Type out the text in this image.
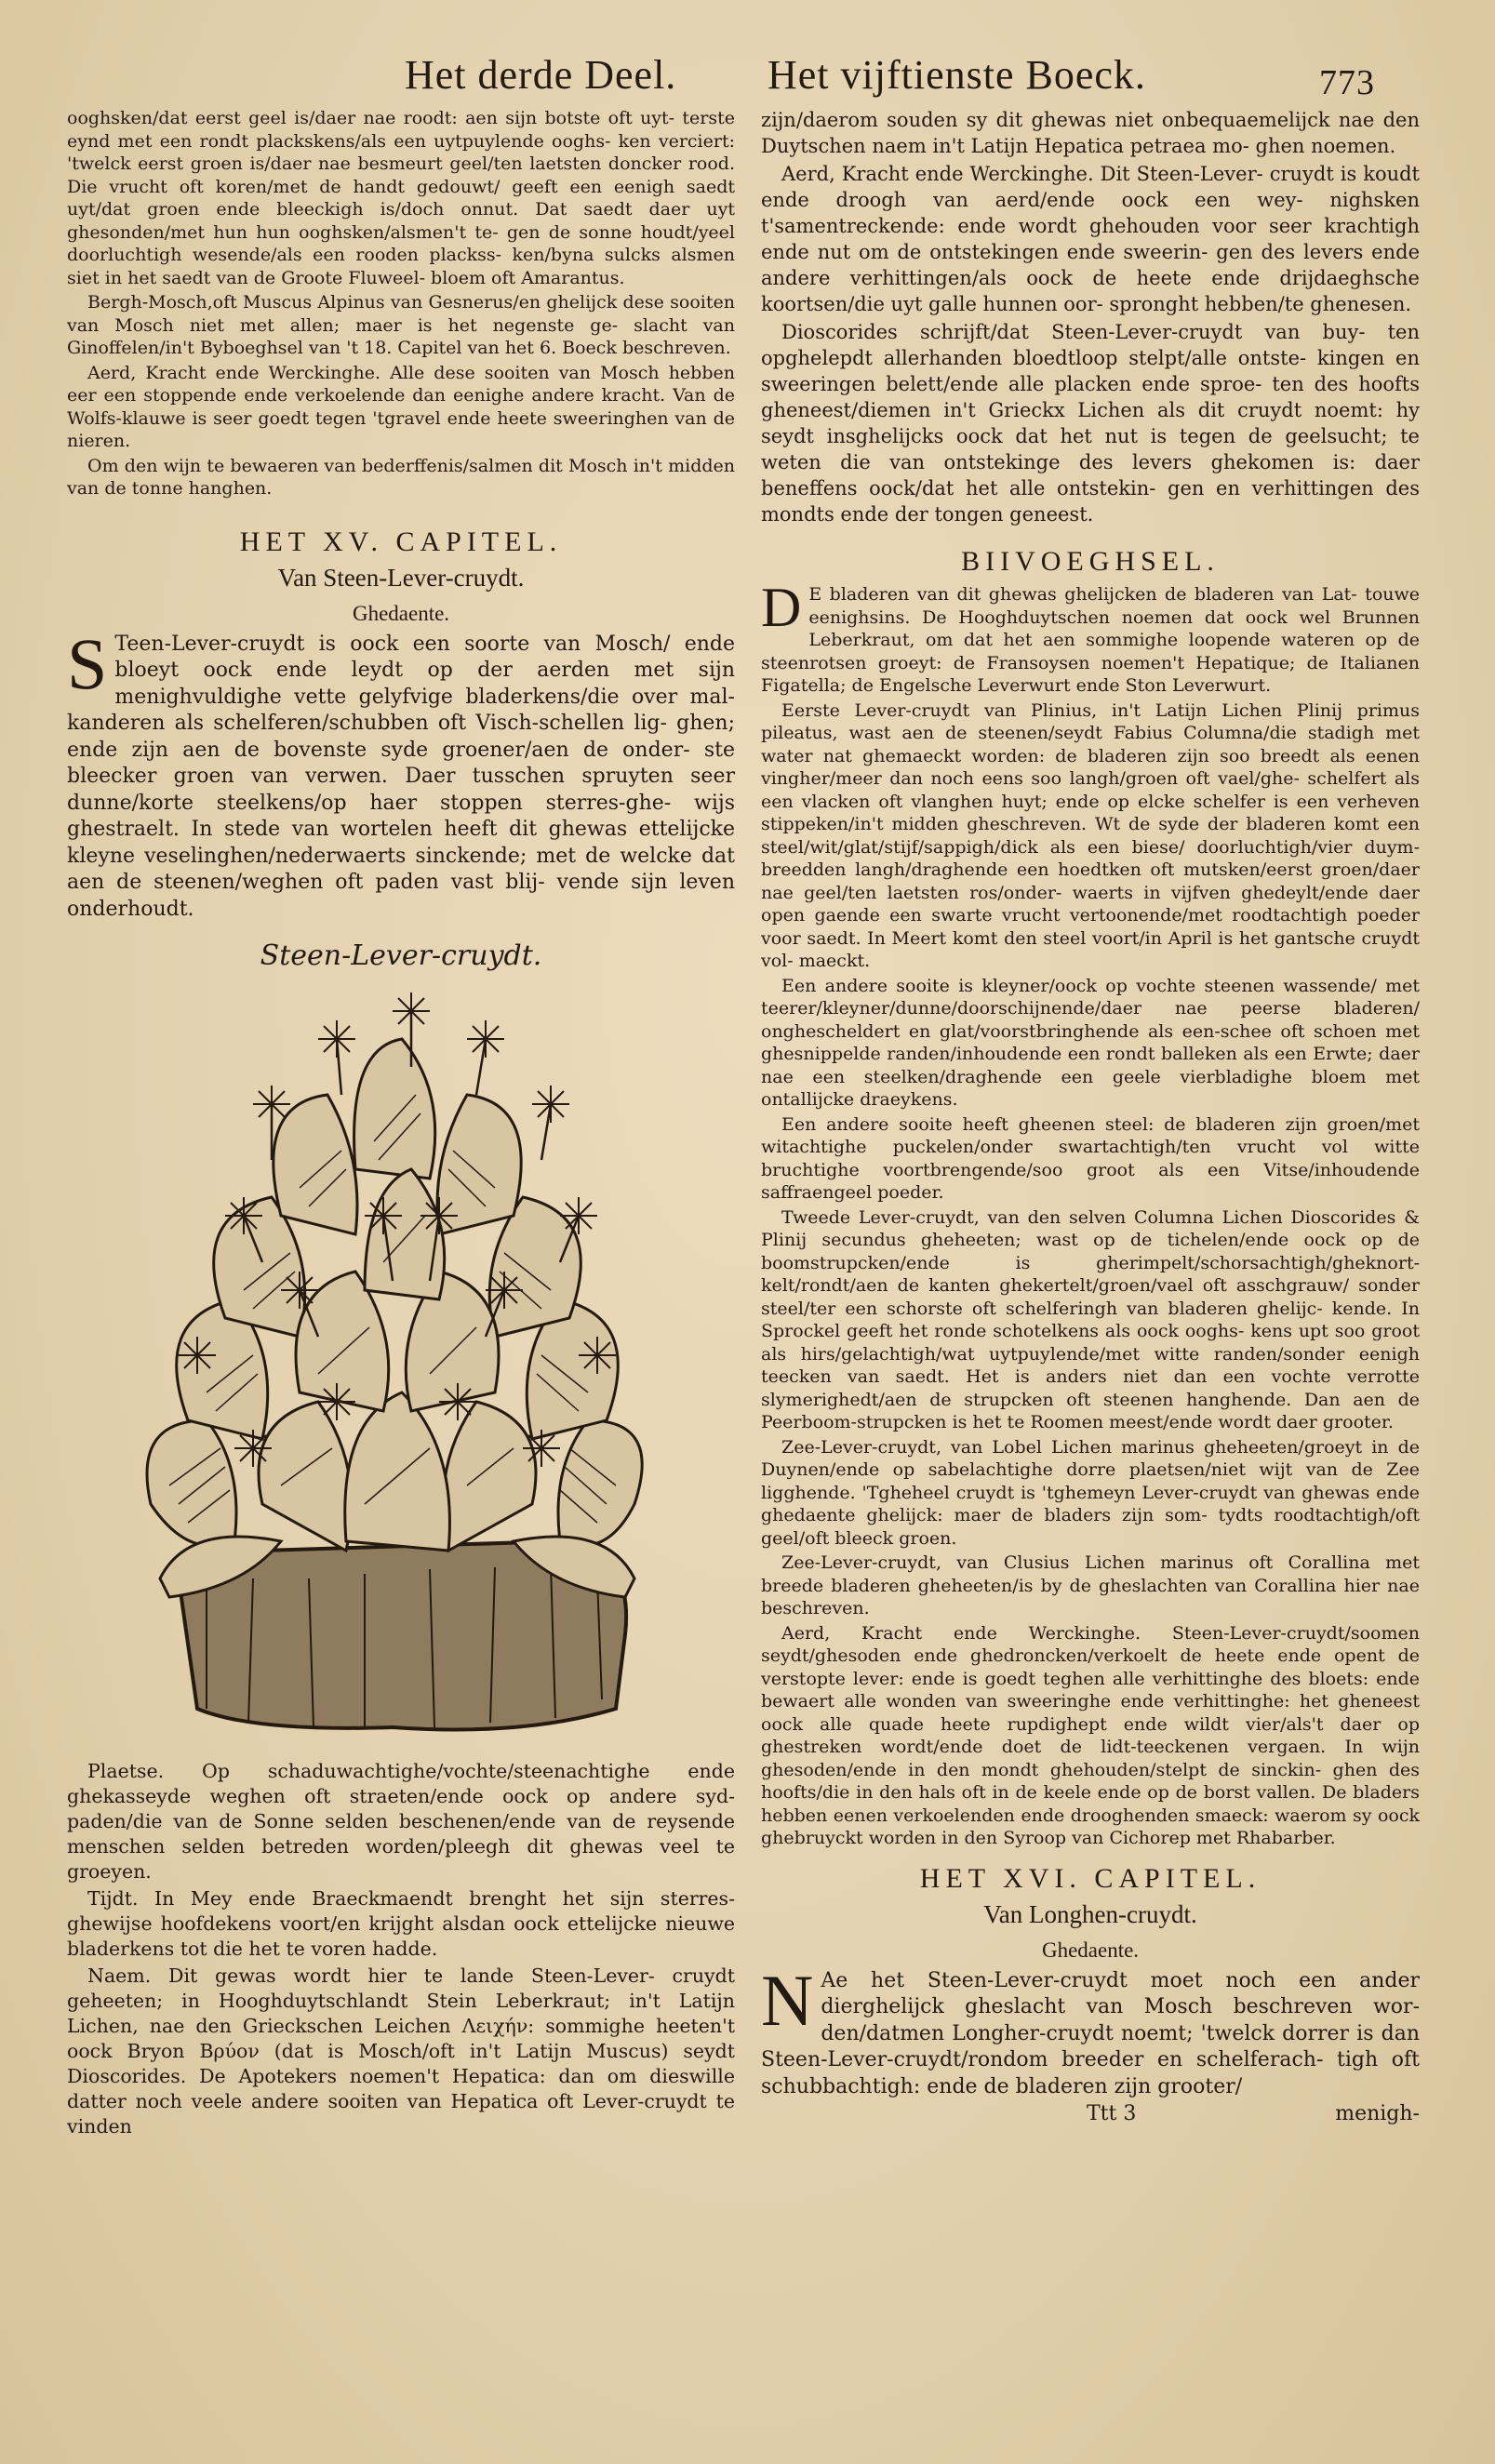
Het derde Deel. Het vijftienste Boeck.	773

ooghsken/dat eerst geel is/daer nae roodt: aen sijn botste oft uyt- terste eynd met een rondt plackskens/als een uytpuylende ooghs- ken verciert: 'twelck eerst groen is/daer nae besmeurt geel/ten laetsten doncker rood. Die vrucht oft koren/met de handt gedouwt/ geeft een eenigh saedt uyt/dat groen ende bleeckigh is/doch onnut. Dat saedt daer uyt ghesonden/met hun hun ooghsken/alsmen't te- gen de sonne houdt/yeel doorluchtigh wesende/als een rooden plackss- ken/byna sulcks alsmen siet in het saedt van de Groote Fluweel- bloem oft Amarantus.

Bergh-Mosch,oft Muscus Alpinus van Gesnerus/en ghelijck dese sooiten van Mosch niet met allen; maer is het negenste ge- slacht van Ginoffelen/in't Byboeghsel van 't 18. Capitel van het 6. Boeck beschreven.

Aerd, Kracht ende Werckinghe. Alle dese sooiten van Mosch hebben eer een stoppende ende verkoelende dan eenighe andere kracht. Van de Wolfs-klauwe is seer goedt tegen 'tgravel ende heete sweeringhen van de nieren.

Om den wijn te bewaeren van bederffenis/salmen dit Mosch in't midden van de tonne hanghen.

HET XV. CAPITEL.
Van Steen-Lever-cruydt.
Ghedaente.

S Teen-Lever-cruydt is oock een soorte van Mosch/ ende bloeyt oock ende leydt op der aerden met sijn menighvuldighe vette gelyfvige bladerkens/die over mal- kanderen als schelferen/schubben oft Visch-schellen lig- ghen; ende zijn aen de bovenste syde groener/aen de onder- ste bleecker groen van verwen. Daer tusschen spruyten seer dunne/korte steelkens/op haer stoppen sterres-ghe- wijs ghestraelt. In stede van wortelen heeft dit ghewas ettelijcke kleyne veselinghen/nederwaerts sinckende; met de welcke dat aen de steenen/weghen oft paden vast blij- vende sijn leven onderhoudt.

Steen-Lever-cruydt.

Plaetse. Op schaduwachtighe/vochte/steenachtighe ende ghekasseyde weghen oft straeten/ende oock op andere syd-paden/die van de Sonne selden beschenen/ende van de reysende menschen selden betreden worden/pleegh dit ghewas veel te groeyen.

Tijdt. In Mey ende Braeckmaendt brenght het sijn sterres-ghewijse hoofdekens voort/en krijght alsdan oock ettelijcke nieuwe bladerkens tot die het te voren hadde.

Naem. Dit gewas wordt hier te lande Steen-Lever- cruydt geheeten; in Hooghduytschlandt Stein Leberkraut; in't Latijn Lichen, nae den Grieckschen Leichen Λειχήν: sommighe heeten't oock Bryon Βρύον (dat is Mosch/oft in't Latijn Muscus) seydt Dioscorides. De Apotekers noemen't Hepatica: dan om dieswille datter noch veele andere sooiten van Hepatica oft Lever-cruydt te vinden

zijn/daerom souden sy dit ghewas niet onbequaemelijck nae den Duytschen naem in't Latijn Hepatica petraea mo- ghen noemen.

Aerd, Kracht ende Werckinghe. Dit Steen-Lever- cruydt is koudt ende droogh van aerd/ende oock een wey- nighsken t'samentreckende: ende wordt ghehouden voor seer krachtigh ende nut om de ontstekingen ende sweerin- gen des levers ende andere verhittingen/als oock de heete ende drijdaeghsche koortsen/die uyt galle hunnen oor- spronght hebben/te ghenesen.

Dioscorides schrijft/dat Steen-Lever-cruydt van buy- ten opghelepdt allerhanden bloedtloop stelpt/alle ontste- kingen en sweeringen belett/ende alle placken ende sproe- ten des hoofts gheneest/diemen in't Grieckx Lichen als dit cruydt noemt: hy seydt insghelijcks oock dat het nut is tegen de geelsucht; te weten die van ontstekinge des levers ghekomen is: daer beneffens oock/dat het alle ontstekin- gen en verhittingen des mondts ende der tongen geneest.

BIIVOEGHSEL.

D E bladeren van dit ghewas ghelijcken de bladeren van Lat- touwe eenighsins. De Hooghduytschen noemen dat oock wel Brunnen Leberkraut, om dat het aen sommighe loopende wateren op de steenrotsen groeyt: de Fransoysen noemen't Hepatique; de Italianen Figatella; de Engelsche Leverwurt ende Ston Leverwurt.

Eerste Lever-cruydt van Plinius, in't Latijn Lichen Plinij primus pileatus, wast aen de steenen/seydt Fabius Columna/die stadigh met water nat ghemaeckt worden: de bladeren zijn soo breedt als eenen vingher/meer dan noch eens soo langh/groen oft vael/ghe- schelfert als een vlacken oft vlanghen huyt; ende op elcke schelfer is een verheven stippeken/in't midden gheschreven. Wt de syde der bladeren komt een steel/wit/glat/stijf/sappigh/dick als een biese/ doorluchtigh/vier duym-breedden langh/draghende een hoedtken oft mutsken/eerst groen/daer nae geel/ten laetsten ros/onder- waerts in vijfven ghedeylt/ende daer open gaende een swarte vrucht vertoonende/met roodtachtigh poeder voor saedt. In Meert komt den steel voort/in April is het gantsche cruydt vol- maeckt.

Een andere sooite is kleyner/oock op vochte steenen wassende/ met teerer/kleyner/dunne/doorschijnende/daer nae peerse bladeren/ onghescheldert en glat/voorstbringhende als een-schee oft schoen met ghesnippelde randen/inhoudende een rondt balleken als een Erwte; daer nae een steelken/draghende een geele vierbladighe bloem met ontallijcke draeykens.

Een andere sooite heeft gheenen steel: de bladeren zijn groen/met witachtighe puckelen/onder swartachtigh/ten vrucht vol witte bruchtighe voortbrengende/soo groot als een Vitse/inhoudende saffraengeel poeder.

Tweede Lever-cruydt, van den selven Columna Lichen Dioscorides & Plinij secundus gheheeten; wast op de tichelen/ende oock op de boomstrupcken/ende is gherimpelt/schorsachtigh/gheknort- kelt/rondt/aen de kanten ghekertelt/groen/vael oft asschgrauw/ sonder steel/ter een schorste oft schelferingh van bladeren ghelijc- kende. In Sprockel geeft het ronde schotelkens als oock ooghs- kens upt soo groot als hirs/gelachtigh/wat uytpuylende/met witte randen/sonder eenigh teecken van saedt. Het is anders niet dan een vochte verrotte slymerighedt/aen de strupcken oft steenen hanghende. Dan aen de Peerboom-strupcken is het te Roomen meest/ende wordt daer grooter.

Zee-Lever-cruydt, van Lobel Lichen marinus gheheeten/groeyt in de Duynen/ende op sabelachtighe dorre plaetsen/niet wijt van de Zee ligghende. 'Tgheheel cruydt is 'tghemeyn Lever-cruydt van ghewas ende ghedaente ghelijck: maer de bladers zijn som- tydts roodtachtigh/oft geel/oft bleeck groen.

Zee-Lever-cruydt, van Clusius Lichen marinus oft Corallina met breede bladeren gheheeten/is by de gheslachten van Corallina hier nae beschreven.

Aerd, Kracht ende Werckinghe. Steen-Lever-cruydt/soomen seydt/ghesoden ende ghedroncken/verkoelt de heete ende opent de verstopte lever: ende is goedt teghen alle verhittinghe des bloets: ende bewaert alle wonden van sweeringhe ende verhittinghe: het gheneest oock alle quade heete rupdighept ende wildt vier/als't daer op ghestreken wordt/ende doet de lidt-teeckenen vergaen. In wijn ghesoden/ende in den mondt ghehouden/stelpt de sinckin- ghen des hoofts/die in den hals oft in de keele ende op de borst vallen. De bladers hebben eenen verkoelenden ende drooghenden smaeck: waerom sy oock ghebruyckt worden in den Syroop van Cichorep met Rhabarber.

HET XVI. CAPITEL.
Van Longhen-cruydt.
Ghedaente.

N Ae het Steen-Lever-cruydt moet noch een ander dierghelijck gheslacht van Mosch beschreven wor- den/datmen Longher-cruydt noemt; 'twelck dorrer is dan Steen-Lever-cruydt/rondom breeder en schelferach- tigh oft schubbachtigh: ende de bladeren zijn grooter/

Ttt 3	menigh-
